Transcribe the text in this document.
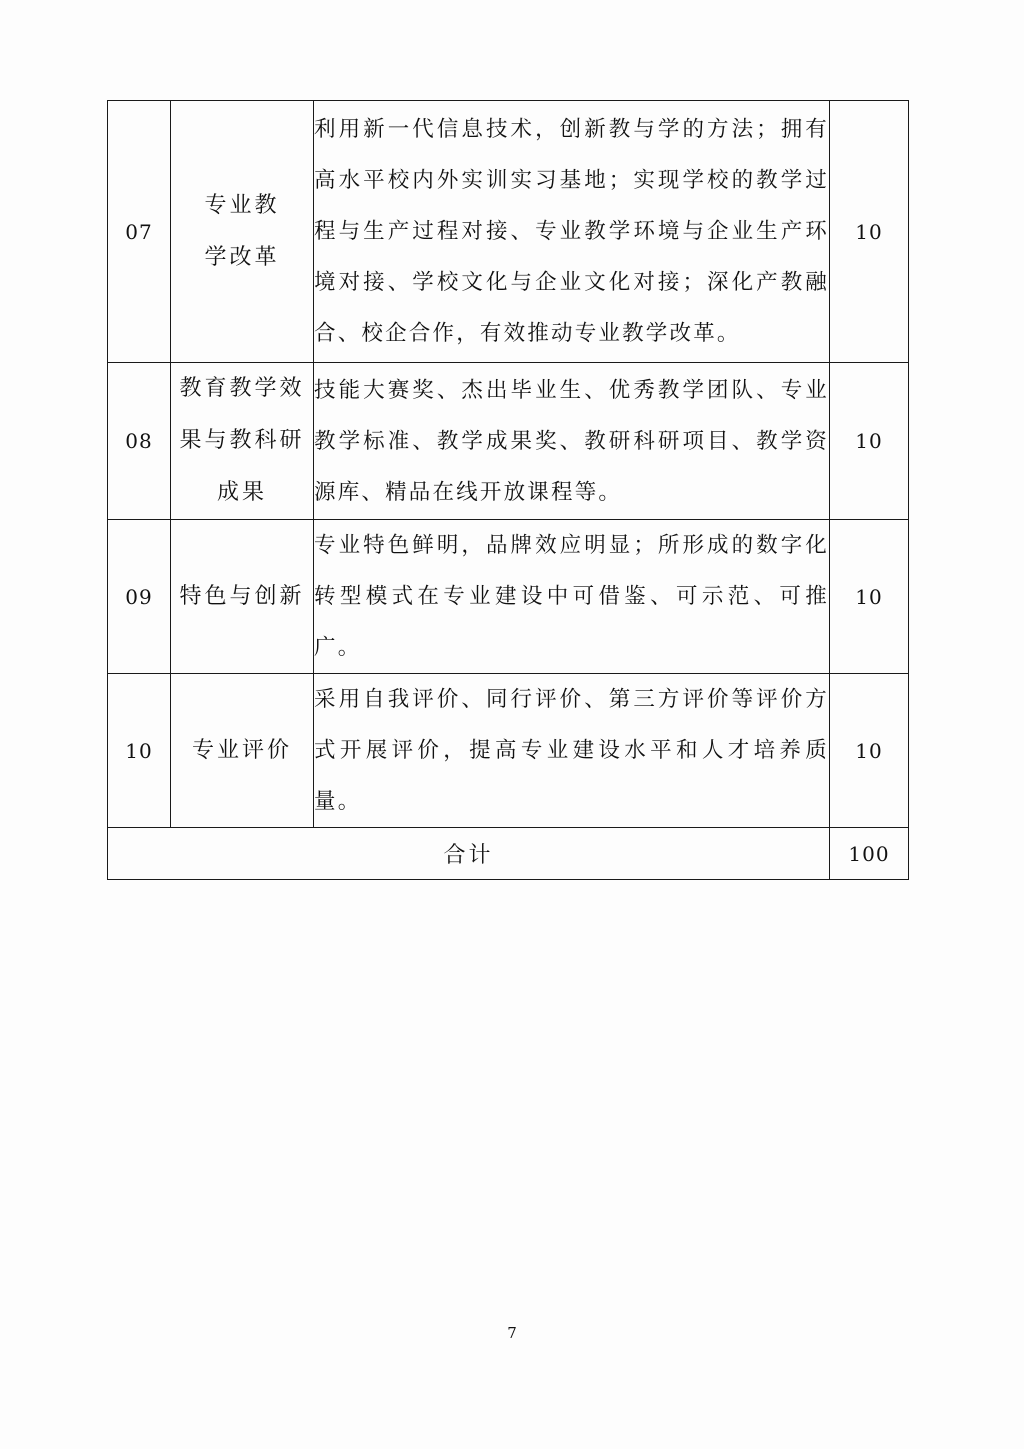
07	专业教学改革	利用新一代信息技术，创新教与学的方法；拥有高水平校内外实训实习基地；实现学校的教学过程与生产过程对接、专业教学环境与企业生产环境对接、学校文化与企业文化对接；深化产教融合、校企合作，有效推动专业教学改革。	10
08	教育教学效果与教科研成果	技能大赛奖、杰出毕业生、优秀教学团队、专业教学标准、教学成果奖、教研科研项目、教学资源库、精品在线开放课程等。	10
09	特色与创新	专业特色鲜明，品牌效应明显；所形成的数字化转型模式在专业建设中可借鉴、可示范、可推广。	10
10	专业评价	采用自我评价、同行评价、第三方评价等评价方式开展评价，提高专业建设水平和人才培养质量。	10
合计			100
7
